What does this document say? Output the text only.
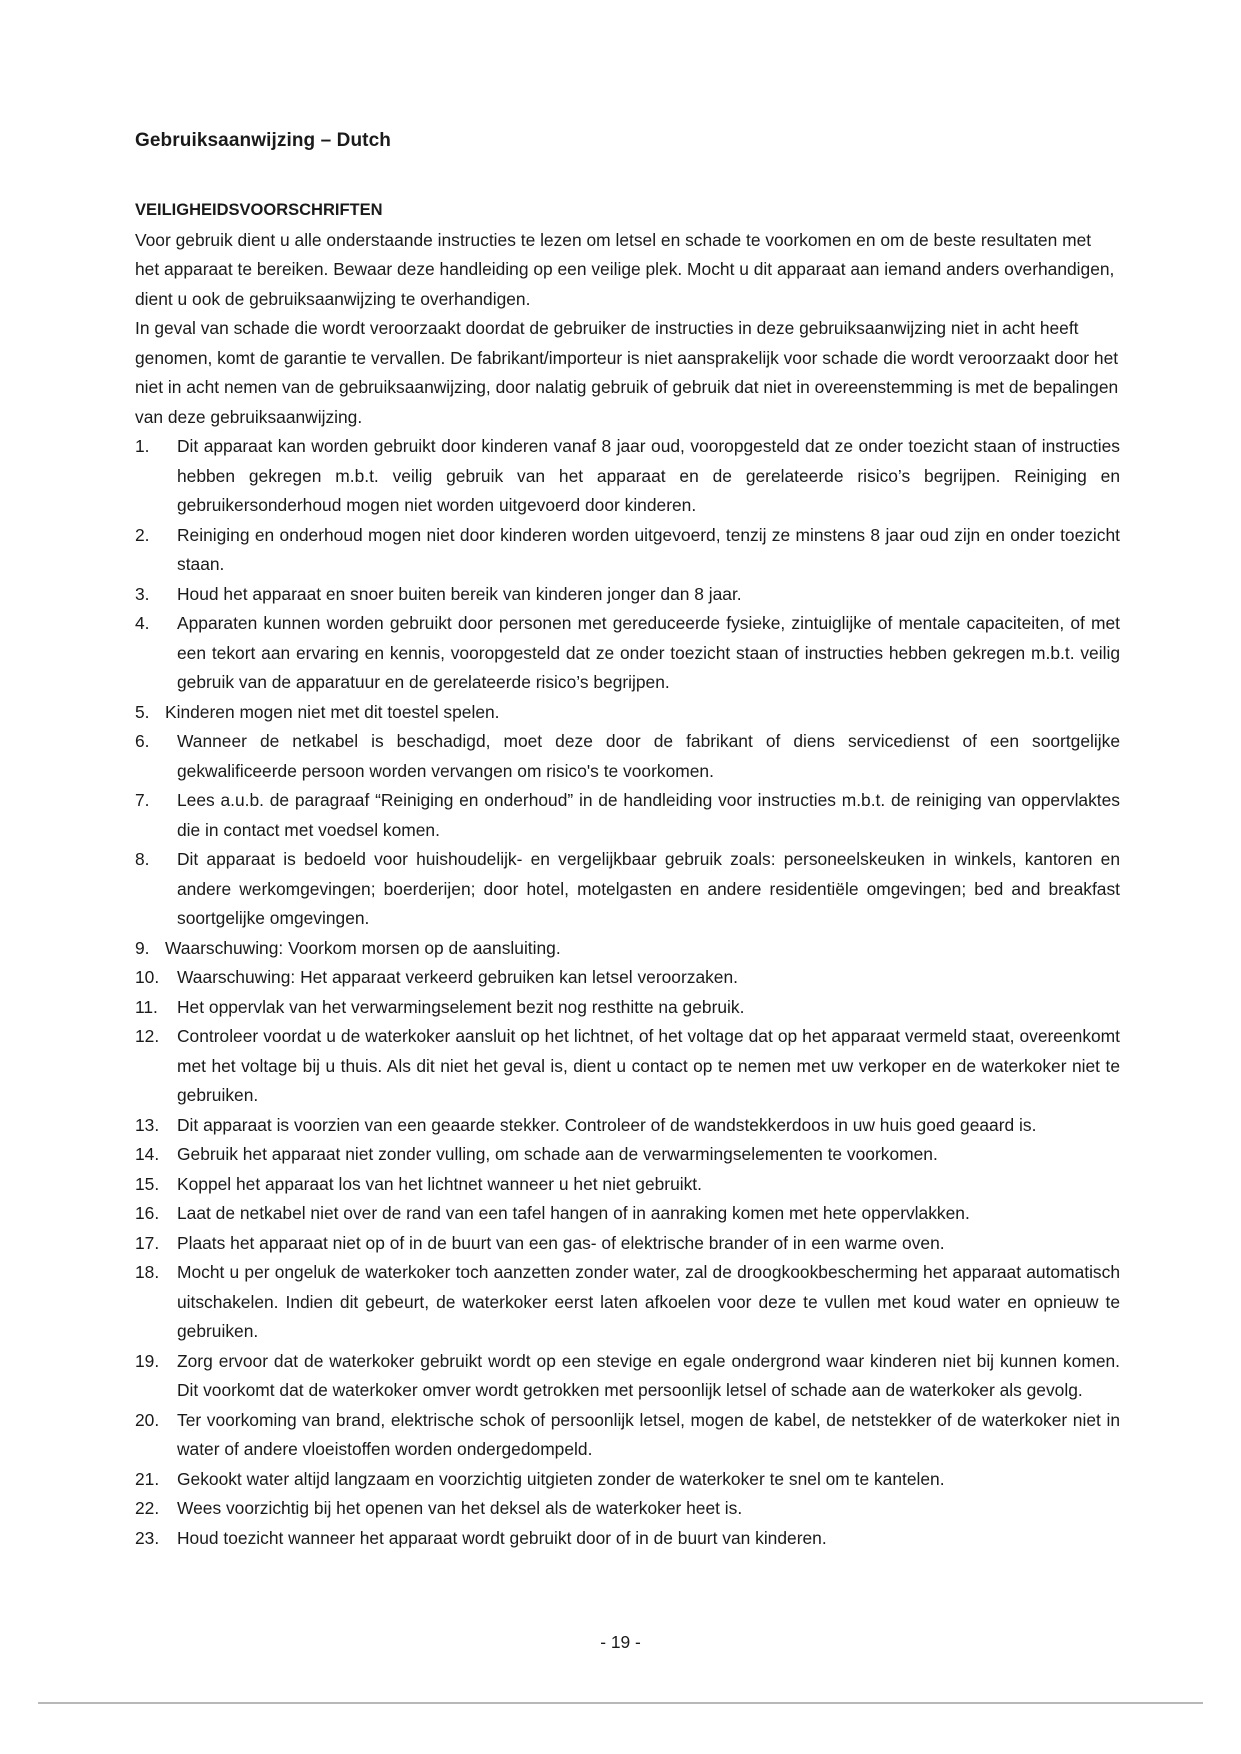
Gebruiksaanwijzing – Dutch

VEILIGHEIDSVOORSCHRIFTEN

Voor gebruik dient u alle onderstaande instructies te lezen om letsel en schade te voorkomen en om de beste resultaten met het apparaat te bereiken. Bewaar deze handleiding op een veilige plek. Mocht u dit apparaat aan iemand anders overhandigen, dient u ook de gebruiksaanwijzing te overhandigen.

In geval van schade die wordt veroorzaakt doordat de gebruiker de instructies in deze gebruiksaanwijzing niet in acht heeft genomen, komt de garantie te vervallen. De fabrikant/importeur is niet aansprakelijk voor schade die wordt veroorzaakt door het niet in acht nemen van de gebruiksaanwijzing, door nalatig gebruik of gebruik dat niet in overeenstemming is met de bepalingen van deze gebruiksaanwijzing.

1. Dit apparaat kan worden gebruikt door kinderen vanaf 8 jaar oud, vooropgesteld dat ze onder toezicht staan of instructies hebben gekregen m.b.t. veilig gebruik van het apparaat en de gerelateerde risico’s begrijpen. Reiniging en gebruikersonderhoud mogen niet worden uitgevoerd door kinderen.
2. Reiniging en onderhoud mogen niet door kinderen worden uitgevoerd, tenzij ze minstens 8 jaar oud zijn en onder toezicht staan.
3. Houd het apparaat en snoer buiten bereik van kinderen jonger dan 8 jaar.
4. Apparaten kunnen worden gebruikt door personen met gereduceerde fysieke, zintuiglijke of mentale capaciteiten, of met een tekort aan ervaring en kennis, vooropgesteld dat ze onder toezicht staan of instructies hebben gekregen m.b.t. veilig gebruik van de apparatuur en de gerelateerde risico’s begrijpen.
5. Kinderen mogen niet met dit toestel spelen.
6. Wanneer de netkabel is beschadigd, moet deze door de fabrikant of diens servicedienst of een soortgelijke gekwalificeerde persoon worden vervangen om risico's te voorkomen.
7. Lees a.u.b. de paragraaf “Reiniging en onderhoud” in de handleiding voor instructies m.b.t. de reiniging van oppervlaktes die in contact met voedsel komen.
8. Dit apparaat is bedoeld voor huishoudelijk- en vergelijkbaar gebruik zoals: personeelskeuken in winkels, kantoren en andere werkomgevingen; boerderijen; door hotel, motelgasten en andere residentiële omgevingen; bed and breakfast soortgelijke omgevingen.
9. Waarschuwing: Voorkom morsen op de aansluiting.
10. Waarschuwing: Het apparaat verkeerd gebruiken kan letsel veroorzaken.
11. Het oppervlak van het verwarmingselement bezit nog resthitte na gebruik.
12. Controleer voordat u de waterkoker aansluit op het lichtnet, of het voltage dat op het apparaat vermeld staat, overeenkomt met het voltage bij u thuis. Als dit niet het geval is, dient u contact op te nemen met uw verkoper en de waterkoker niet te gebruiken.
13. Dit apparaat is voorzien van een geaarde stekker. Controleer of de wandstekkerdoos in uw huis goed geaard is.
14. Gebruik het apparaat niet zonder vulling, om schade aan de verwarmingselementen te voorkomen.
15. Koppel het apparaat los van het lichtnet wanneer u het niet gebruikt.
16. Laat de netkabel niet over de rand van een tafel hangen of in aanraking komen met hete oppervlakken.
17. Plaats het apparaat niet op of in de buurt van een gas- of elektrische brander of in een warme oven.
18. Mocht u per ongeluk de waterkoker toch aanzetten zonder water, zal de droogkookbescherming het apparaat automatisch uitschakelen. Indien dit gebeurt, de waterkoker eerst laten afkoelen voor deze te vullen met koud water en opnieuw te gebruiken.
19. Zorg ervoor dat de waterkoker gebruikt wordt op een stevige en egale ondergrond waar kinderen niet bij kunnen komen. Dit voorkomt dat de waterkoker omver wordt getrokken met persoonlijk letsel of schade aan de waterkoker als gevolg.
20. Ter voorkoming van brand, elektrische schok of persoonlijk letsel, mogen de kabel, de netstekker of de waterkoker niet in water of andere vloeistoffen worden ondergedompeld.
21. Gekookt water altijd langzaam en voorzichtig uitgieten zonder de waterkoker te snel om te kantelen.
22. Wees voorzichtig bij het openen van het deksel als de waterkoker heet is.
23. Houd toezicht wanneer het apparaat wordt gebruikt door of in de buurt van kinderen.
- 19 -
